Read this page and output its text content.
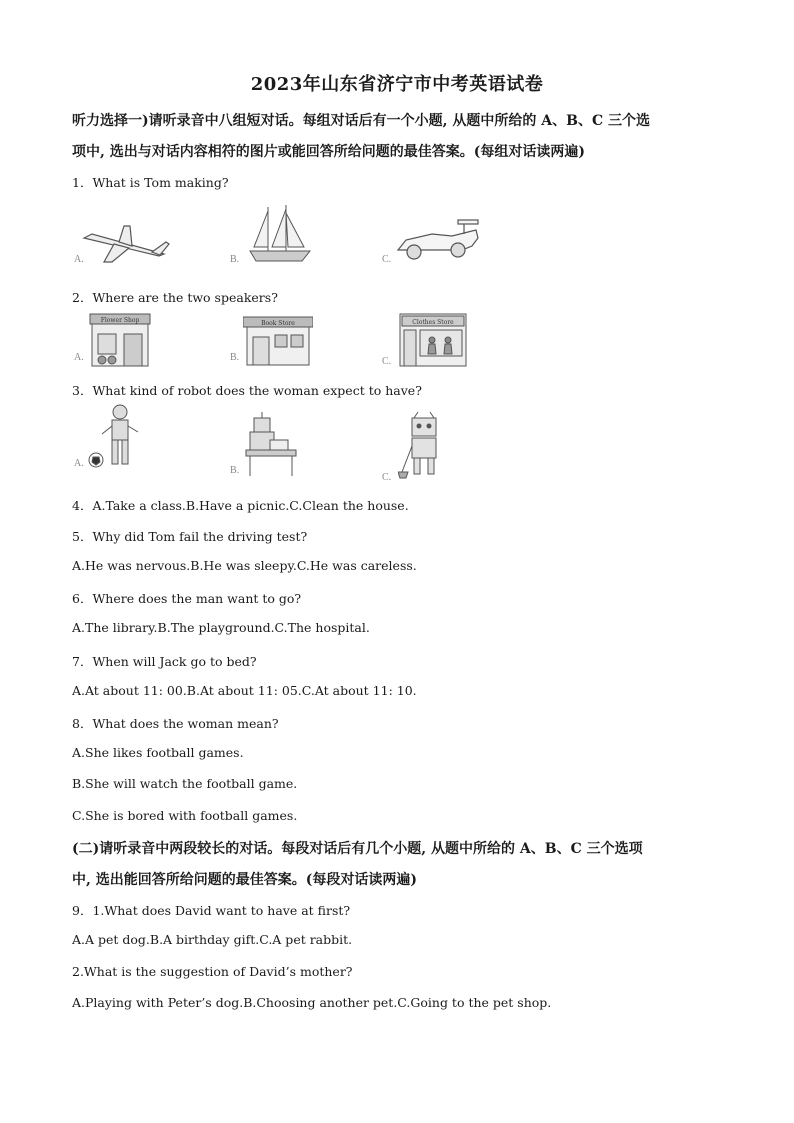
2023年山东省济宁市中考英语试卷
听力选择一)请听录音中八组短对话。每组对话后有一个小题, 从题中所给的 A、B、C 三个选
项中, 选出与对话内容相符的图片或能回答所给问题的最佳答案。(每组对话读两遍)
1．What is Tom making?
A.	B.	C.
2．Where are the two speakers?
Flower Shop
A.
Book Store
B.
Clothes Store
C.
3．What kind of robot does the woman expect to have?
A.
B.
C.
4．A.Take a class.B.Have a picnic.C.Clean the house.
5．Why did Tom fail the driving test?
A.He was nervous.B.He was sleepy.C.He was careless.
6．Where does the man want to go?
A.The library.B.The playground.C.The hospital.
7．When will Jack go to bed?
A.At about 11: 00.B.At about 11: 05.C.At about 11: 10.
8．What does the woman mean?
A.She likes football games.
B.She will watch the football game.
C.She is bored with football games.
(二)请听录音中两段较长的对话。每段对话后有几个小题, 从题中所给的 A、B、C 三个选项
中, 选出能回答所给问题的最佳答案。(每段对话读两遍)
9．1.What does David want to have at first?
A.A pet dog.B.A birthday gift.C.A pet rabbit.
2.What is the suggestion of David’s mother?
A.Playing with Peter’s dog.B.Choosing another pet.C.Going to the pet shop.
